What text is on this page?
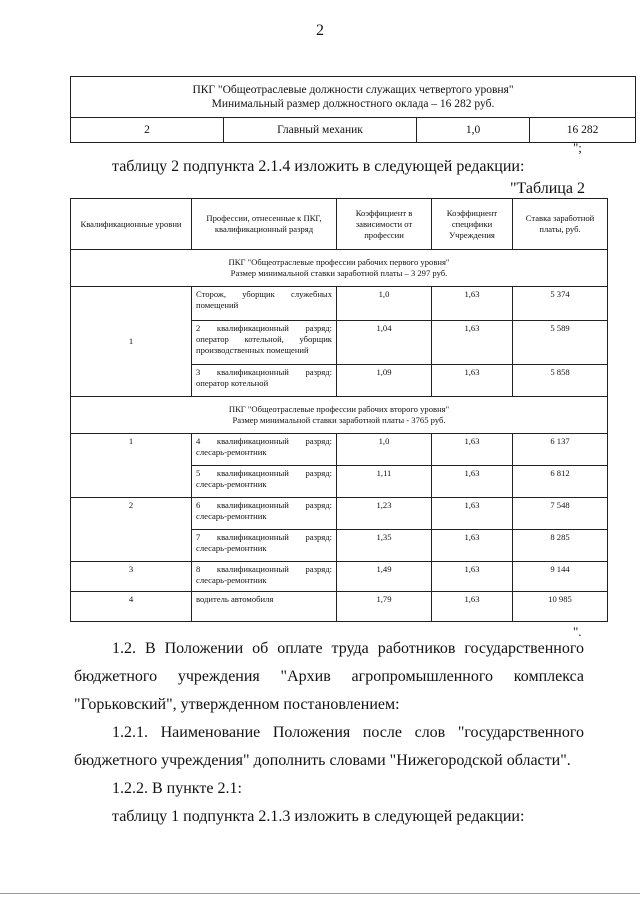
2
ПКГ "Общеотраслевые должности служащих четвертого уровня"
Минимальный размер должностного оклада – 16 282 руб.

2	Главный механик	1,0	16 282
";
таблицу 2 подпункта 2.1.4 изложить в следующей редакции:
"Таблица 2
Квалификационные уровни	Профессии, отнесенные к ПКГ, квалификационный разряд	Коэффициент в зависимости от профессии	Коэффициент специфики Учреждения	Ставка заработной платы, руб.

ПКГ "Общеотраслевые профессии рабочих первого уровня"
Размер минимальной ставки заработной платы – 3 297 руб.				

1	Сторож, уборщик служебных помещений	1,0	1,63	5 374
	2 квалификационный разряд: оператор котельной, уборщик производственных помещений	1,04	1,63	5 589
	3 квалификационный разряд: оператор котельной	1,09	1,63	5 858

ПКГ "Общеотраслевые профессии рабочих второго уровня"
Размер минимальной ставки заработной платы - 3765 руб.				

1	4 квалификационный разряд: слесарь-ремонтник	1,0	1,63	6 137
	5 квалификационный разряд: слесарь-ремонтник	1,11	1,63	6 812
2	6 квалификационный разряд: слесарь-ремонтник	1,23	1,63	7 548
	7 квалификационный разряд: слесарь-ремонтник	1,35	1,63	8 285
3	8 квалификационный разряд: слесарь-ремонтник	1,49	1,63	9 144
4	водитель автомобиля	1,79	1,63	10 985
".
1.2. В Положении об оплате труда работников государственного
бюджетного учреждения "Архив агропромышленного комплекса
"Горьковский", утвержденном постановлением:
1.2.1. Наименование Положения после слов "государственного
бюджетного учреждения" дополнить словами "Нижегородской области".
1.2.2. В пункте 2.1:
таблицу 1 подпункта 2.1.3 изложить в следующей редакции:
